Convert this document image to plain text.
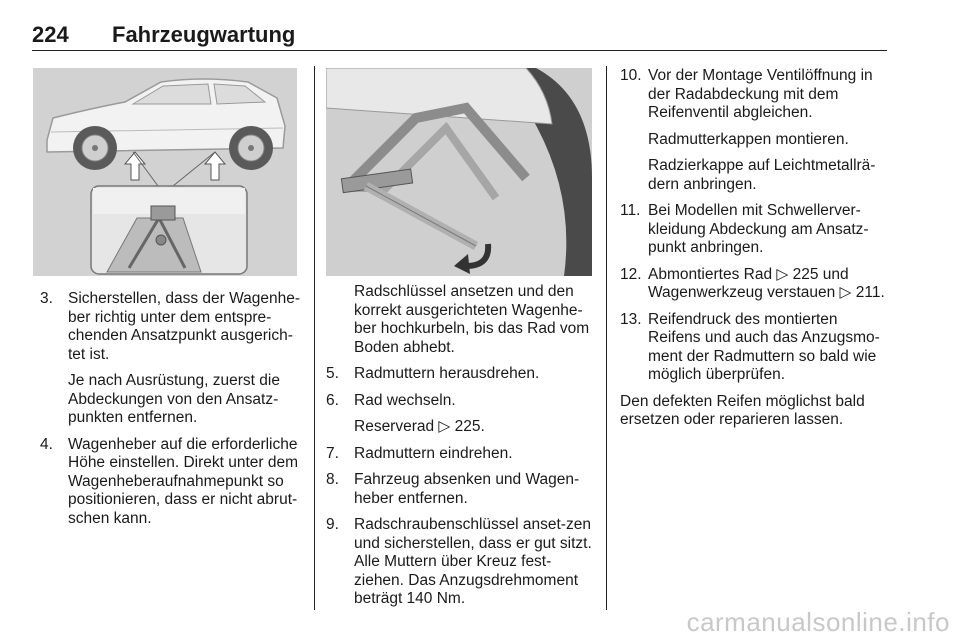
224 Fahrzeugwartung
3. Sicherstellen, dass der Wagenhe-ber richtig unter dem entspre-chenden Ansatzpunkt ausgerich-tet ist.

Je nach Ausrüstung, zuerst die Abdeckungen von den Ansatz-punkten entfernen.

4. Wagenheber auf die erforderliche Höhe einstellen. Direkt unter dem Wagenheberaufnahmepunkt so positionieren, dass er nicht abrut-schen kann.

Radschlüssel ansetzen und den korrekt ausgerichteten Wagenhe-ber hochkurbeln, bis das Rad vom Boden abhebt.

5. Radmuttern herausdrehen.

6. Rad wechseln.

Reserverad ▷ 225.

7. Radmuttern eindrehen.

8. Fahrzeug absenken und Wagen-heber entfernen.

9. Radschraubenschlüssel anset-zen und sicherstellen, dass er gut sitzt. Alle Muttern über Kreuz fest-ziehen. Das Anzugsdrehmoment beträgt 140 Nm.

10. Vor der Montage Ventilöffnung in der Radabdeckung mit dem Reifenventil abgleichen.

Radmutterkappen montieren.

Radzierkappe auf Leichtmetallrä-dern anbringen.

11. Bei Modellen mit Schwellerver-kleidung Abdeckung am Ansatz-punkt anbringen.

12. Abmontiertes Rad ▷ 225 und Wagenwerkzeug verstauen ▷ 211.

13. Reifendruck des montierten Reifens und auch das Anzugsmo-ment der Radmuttern so bald wie möglich überprüfen.

Den defekten Reifen möglichst bald ersetzen oder reparieren lassen.

carmanualsonline.info
